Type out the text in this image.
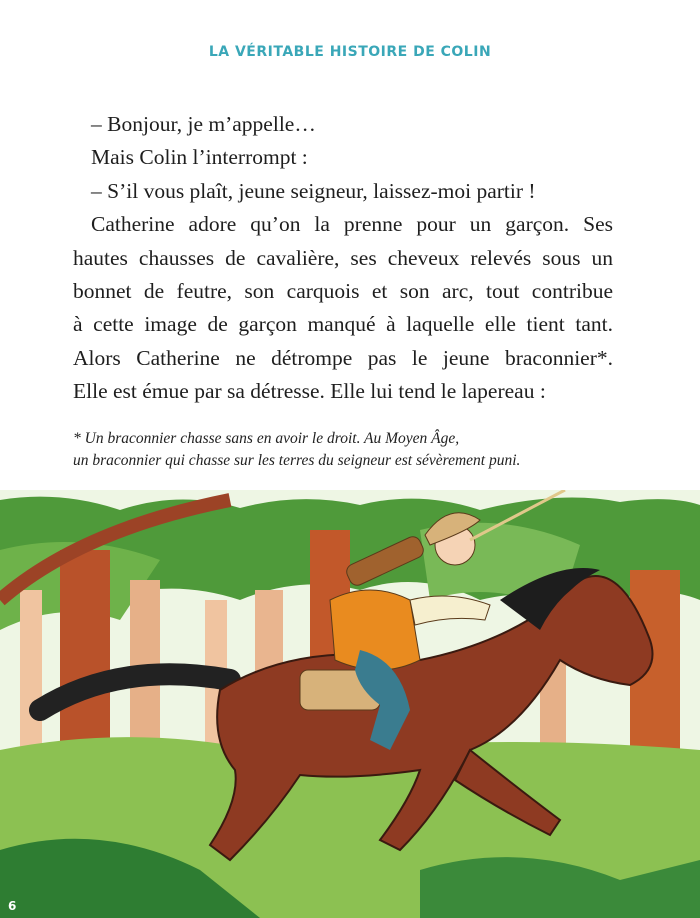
LA VÉRITABLE HISTOIRE DE COLIN
– Bonjour, je m’appelle…
Mais Colin l’interrompt :
– S’il vous plaît, jeune seigneur, laissez-moi partir !
Catherine adore qu’on la prenne pour un garçon. Ses
hautes chausses de cavalière, ses cheveux relevés sous un
bonnet de feutre, son carquois et son arc, tout contribue
à cette image de garçon manqué à laquelle elle tient tant.
Alors Catherine ne détrompe pas le jeune braconnier*.
Elle est émue par sa détresse. Elle lui tend le lapereau :
* Un braconnier chasse sans en avoir le droit. Au Moyen Âge,
un braconnier qui chasse sur les terres du seigneur est sévèrement puni.
6
